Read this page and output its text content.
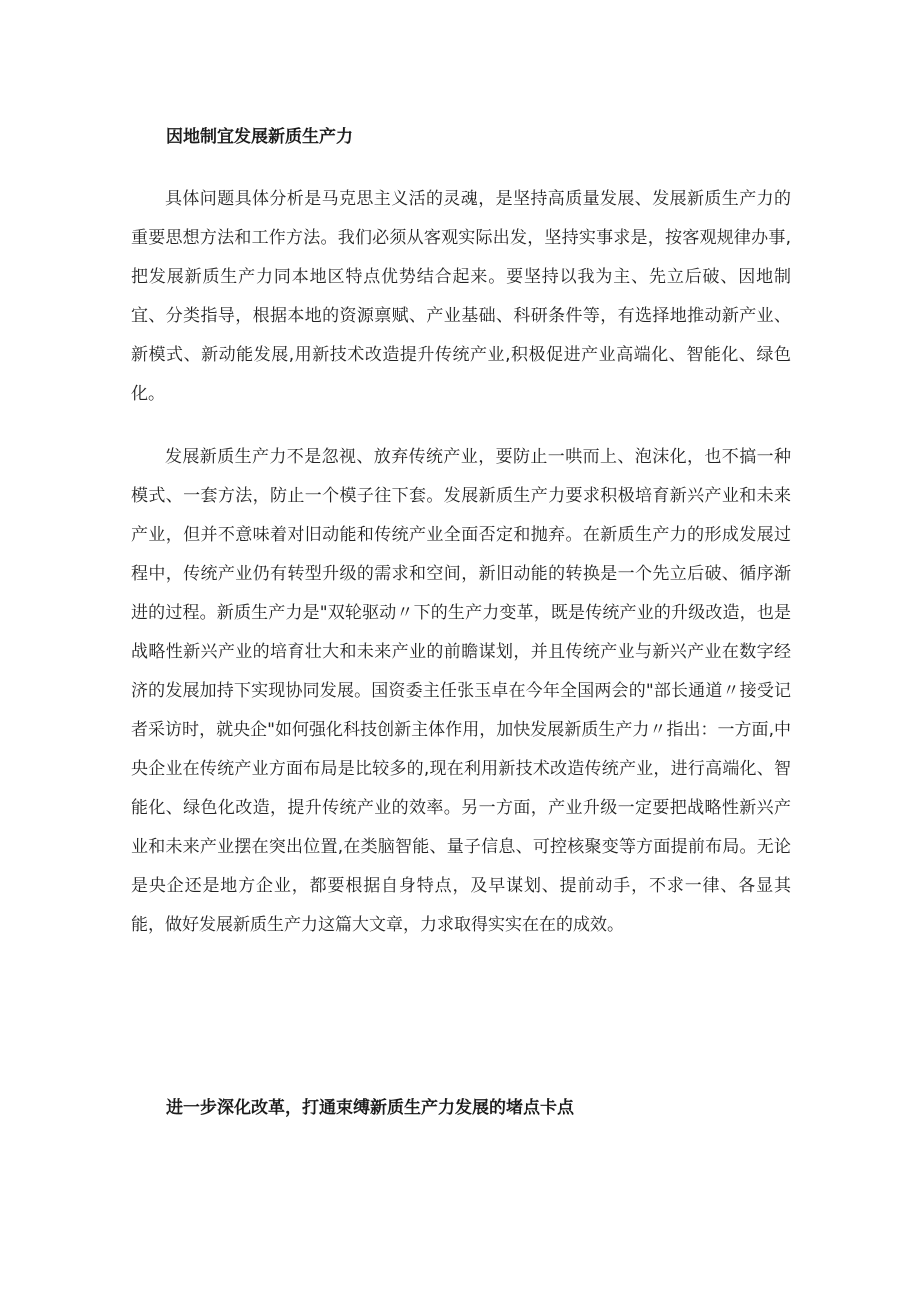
因地制宜发展新质生产力

具体问题具体分析是马克思主义活的灵魂，是坚持高质量发展、发展新质生产力的重要思想方法和工作方法。我们必须从客观实际出发，坚持实事求是，按客观规律办事,把发展新质生产力同本地区特点优势结合起来。要坚持以我为主、先立后破、因地制宜、分类指导，根据本地的资源禀赋、产业基础、科研条件等，有选择地推动新产业、新模式、新动能发展,用新技术改造提升传统产业,积极促进产业高端化、智能化、绿色化。

发展新质生产力不是忽视、放弃传统产业，要防止一哄而上、泡沫化，也不搞一种模式、一套方法，防止一个模子往下套。发展新质生产力要求积极培育新兴产业和未来产业，但并不意味着对旧动能和传统产业全面否定和抛弃。在新质生产力的形成发展过程中，传统产业仍有转型升级的需求和空间，新旧动能的转换是一个先立后破、循序渐进的过程。新质生产力是"双轮驱动〃下的生产力变革，既是传统产业的升级改造，也是战略性新兴产业的培育壮大和未来产业的前瞻谋划，并且传统产业与新兴产业在数字经济的发展加持下实现协同发展。国资委主任张玉卓在今年全国两会的"部长通道〃接受记者采访时，就央企"如何强化科技创新主体作用，加快发展新质生产力〃指出：一方面,中央企业在传统产业方面布局是比较多的,现在利用新技术改造传统产业，进行高端化、智能化、绿色化改造，提升传统产业的效率。另一方面，产业升级一定要把战略性新兴产业和未来产业摆在突出位置,在类脑智能、量子信息、可控核聚变等方面提前布局。无论是央企还是地方企业，都要根据自身特点，及早谋划、提前动手，不求一律、各显其能，做好发展新质生产力这篇大文章，力求取得实实在在的成效。

进一步深化改革，打通束缚新质生产力发展的堵点卡点
